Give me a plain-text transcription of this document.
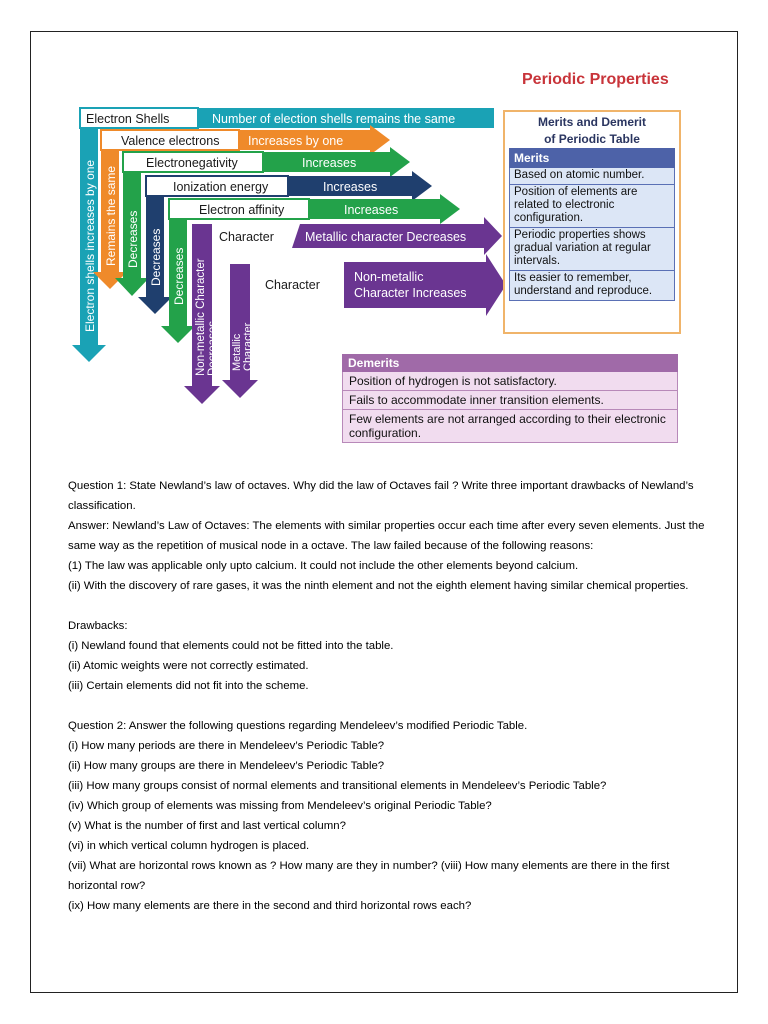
Periodic Properties
Electron Shells	Number of election shells remains the same
Valence electrons Increases by one
Electronegativity	Increases
Ionization energy	Increases
Electron affinity	Increases
Character Metallic character Decreases
Character
Non-metallic
Character Increases
Electron shells increases by one Remains the same Decreases Decreases Decreases Non-metallic Character Decreases. Metallic Character Increases
Merits and Demerit
of Periodic Table
Merits
Based on atomic number.
Position of elements are related to electronic configuration.
Periodic properties shows gradual variation at regular intervals.
Its easier to remember, understand and reproduce.
Demerits
Position of hydrogen is not satisfactory.
Fails to accommodate inner transition elements.
Few elements are not arranged according to their electronic configuration.

Question 1: State Newland’s law of octaves. Why did the law of Octaves fail ? Write three important drawbacks of Newland’s classification.

Answer: Newland’s Law of Octaves: The elements with similar properties occur each time after every seven elements. Just the same way as the repetition of musical node in a octave. The law failed because of the following reasons:

(1) The law was applicable only upto calcium. It could not include the other elements beyond calcium.

(ii) With the discovery of rare gases, it was the ninth element and not the eighth element having similar chemical properties.

Drawbacks:

(i) Newland found that elements could not be fitted into the table.

(ii) Atomic weights were not correctly estimated.

(iii) Certain elements did not fit into the scheme.

Question 2: Answer the following questions regarding Mendeleev’s modified Periodic Table.

(i) How many periods are there in Mendeleev’s Periodic Table?

(ii) How many groups are there in Mendeleev’s Periodic Table?

(iii) How many groups consist of normal elements and transitional elements in Mendeleev’s Periodic Table?

(iv) Which group of elements was missing from Mendeleev’s original Periodic Table?

(v) What is the number of first and last vertical column?

(vi) in which vertical column hydrogen is placed.

(vii) What are horizontal rows known as ? How many are they in number? (viii) How many elements are there in the first horizontal row?

(ix) How many elements are there in the second and third horizontal rows each?
